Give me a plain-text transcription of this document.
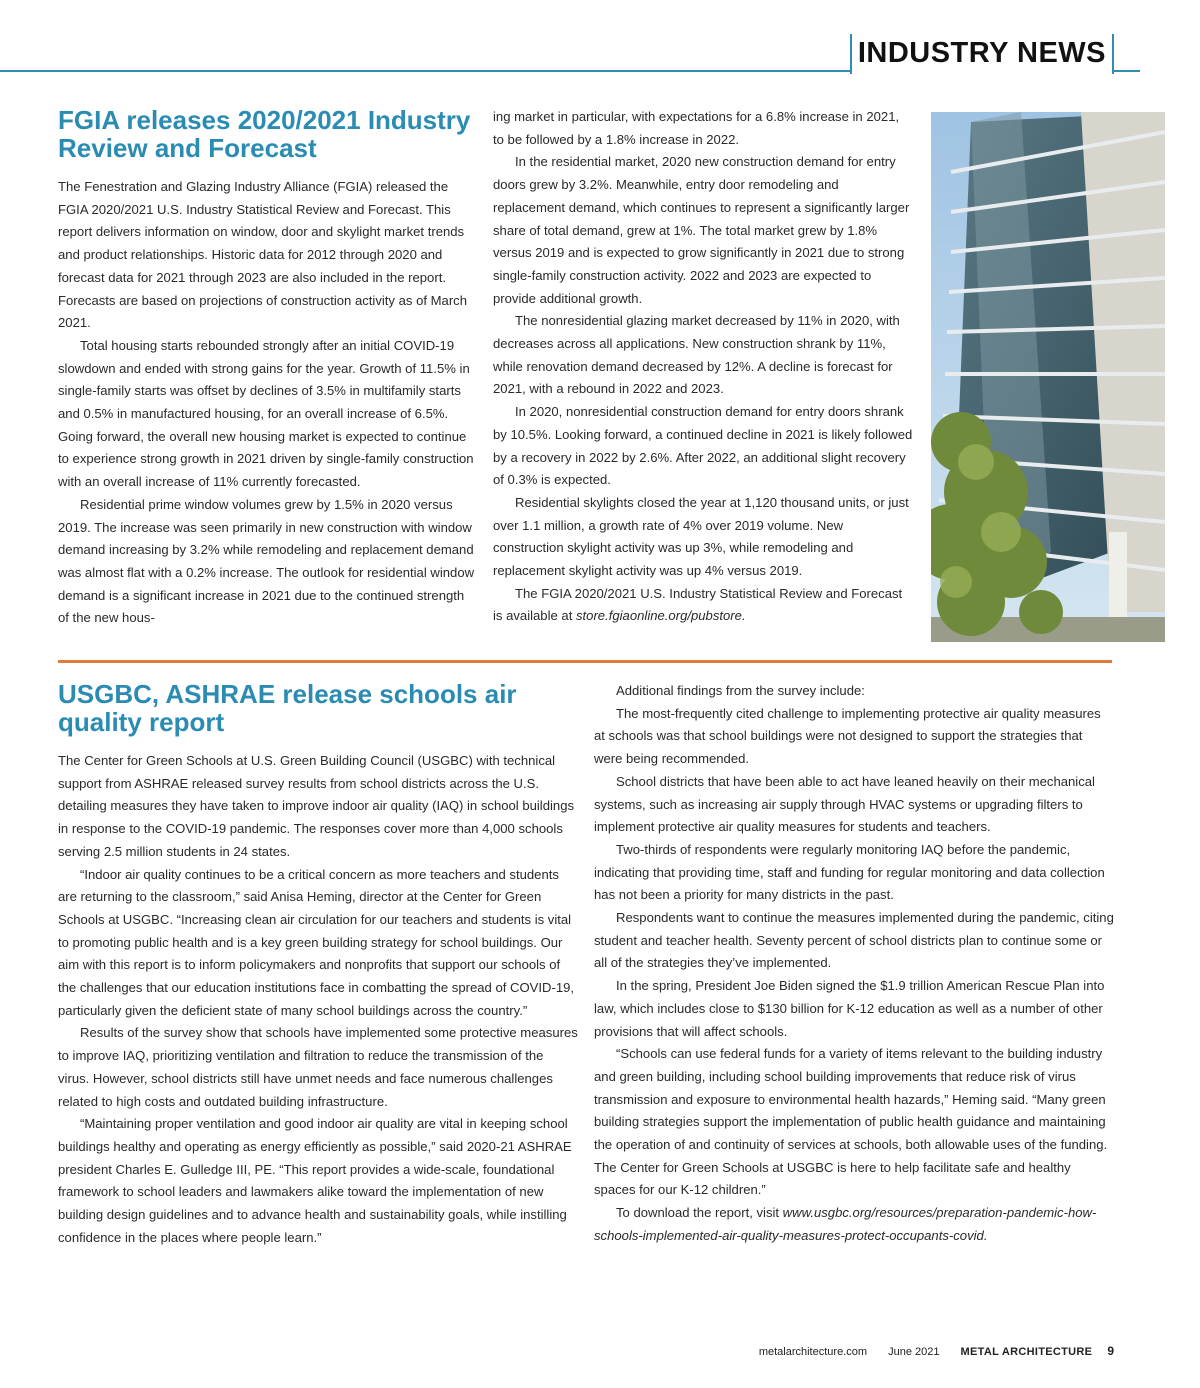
INDUSTRY NEWS
FGIA releases 2020/2021 Industry Review and Forecast

The Fenestration and Glazing Industry Alliance (FGIA) released the FGIA 2020/2021 U.S. Industry Statistical Review and Forecast. This report delivers information on window, door and skylight market trends and product relationships. Historic data for 2012 through 2020 and forecast data for 2021 through 2023 are also included in the report. Forecasts are based on projections of construction activity as of March 2021.

Total housing starts rebounded strongly after an initial COVID-19 slowdown and ended with strong gains for the year. Growth of 11.5% in single-family starts was offset by declines of 3.5% in multifamily starts and 0.5% in manufactured housing, for an overall increase of 6.5%. Going forward, the overall new housing market is expected to continue to experience strong growth in 2021 driven by single-family construction with an overall increase of 11% currently forecasted.

Residential prime window volumes grew by 1.5% in 2020 versus 2019. The increase was seen primarily in new construction with window demand increasing by 3.2% while remodeling and replacement demand was almost flat with a 0.2% increase. The outlook for residential window demand is a significant increase in 2021 due to the continued strength of the new hous-

ing market in particular, with expectations for a 6.8% increase in 2021, to be followed by a 1.8% increase in 2022.

In the residential market, 2020 new construction demand for entry doors grew by 3.2%. Meanwhile, entry door remodeling and replacement demand, which continues to represent a significantly larger share of total demand, grew at 1%. The total market grew by 1.8% versus 2019 and is expected to grow significantly in 2021 due to strong single-family construction activity. 2022 and 2023 are expected to provide additional growth.

The nonresidential glazing market decreased by 11% in 2020, with decreases across all applications. New construction shrank by 11%, while renovation demand decreased by 12%. A decline is forecast for 2021, with a rebound in 2022 and 2023.

In 2020, nonresidential construction demand for entry doors shrank by 10.5%. Looking forward, a continued decline in 2021 is likely followed by a recovery in 2022 by 2.6%. After 2022, an additional slight recovery of 0.3% is expected.

Residential skylights closed the year at 1,120 thousand units, or just over 1.1 million, a growth rate of 4% over 2019 volume. New construction skylight activity was up 3%, while remodeling and replacement skylight activity was up 4% versus 2019.

The FGIA 2020/2021 U.S. Industry Statistical Review and Forecast is available at store.fgiaonline.org/pubstore.

USGBC, ASHRAE release schools air quality report

The Center for Green Schools at U.S. Green Building Council (USGBC) with technical support from ASHRAE released survey results from school districts across the U.S. detailing measures they have taken to improve indoor air quality (IAQ) in school buildings in response to the COVID-19 pandemic. The responses cover more than 4,000 schools serving 2.5 million students in 24 states.

“Indoor air quality continues to be a critical concern as more teachers and students are returning to the classroom,” said Anisa Heming, director at the Center for Green Schools at USGBC. “Increasing clean air circulation for our teachers and students is vital to promoting public health and is a key green building strategy for school buildings. Our aim with this report is to inform policymakers and nonprofits that support our schools of the challenges that our education institutions face in combatting the spread of COVID-19, particularly given the deficient state of many school buildings across the country.”

Results of the survey show that schools have implemented some protective measures to improve IAQ, prioritizing ventilation and filtration to reduce the transmission of the virus. However, school districts still have unmet needs and face numerous challenges related to high costs and outdated building infrastructure.

“Maintaining proper ventilation and good indoor air quality are vital in keeping school buildings healthy and operating as energy efficiently as possible,” said 2020-21 ASHRAE president Charles E. Gulledge III, PE. “This report provides a wide-scale, foundational framework to school leaders and lawmakers alike toward the implementation of new building design guidelines and to advance health and sustainability goals, while instilling confidence in the places where people learn.”

Additional findings from the survey include:

The most-frequently cited challenge to implementing protective air quality measures at schools was that school buildings were not designed to support the strategies that were being recommended.

School districts that have been able to act have leaned heavily on their mechanical systems, such as increasing air supply through HVAC systems or upgrading filters to implement protective air quality measures for students and teachers.

Two-thirds of respondents were regularly monitoring IAQ before the pandemic, indicating that providing time, staff and funding for regular monitoring and data collection has not been a priority for many districts in the past.

Respondents want to continue the measures implemented during the pandemic, citing student and teacher health. Seventy percent of school districts plan to continue some or all of the strategies they’ve implemented.

In the spring, President Joe Biden signed the $1.9 trillion American Rescue Plan into law, which includes close to $130 billion for K-12 education as well as a number of other provisions that will affect schools.

“Schools can use federal funds for a variety of items relevant to the building industry and green building, including school building improvements that reduce risk of virus transmission and exposure to environmental health hazards,” Heming said. “Many green building strategies support the implementation of public health guidance and maintaining the operation of and continuity of services at schools, both allowable uses of the funding. The Center for Green Schools at USGBC is here to help facilitate safe and healthy spaces for our K-12 children.”

To download the report, visit www.usgbc.org/resources/preparation-pandemic-how-schools-implemented-air-quality-measures-protect-occupants-covid.

metalarchitecture.com June 2021 METAL ARCHITECTURE 9
